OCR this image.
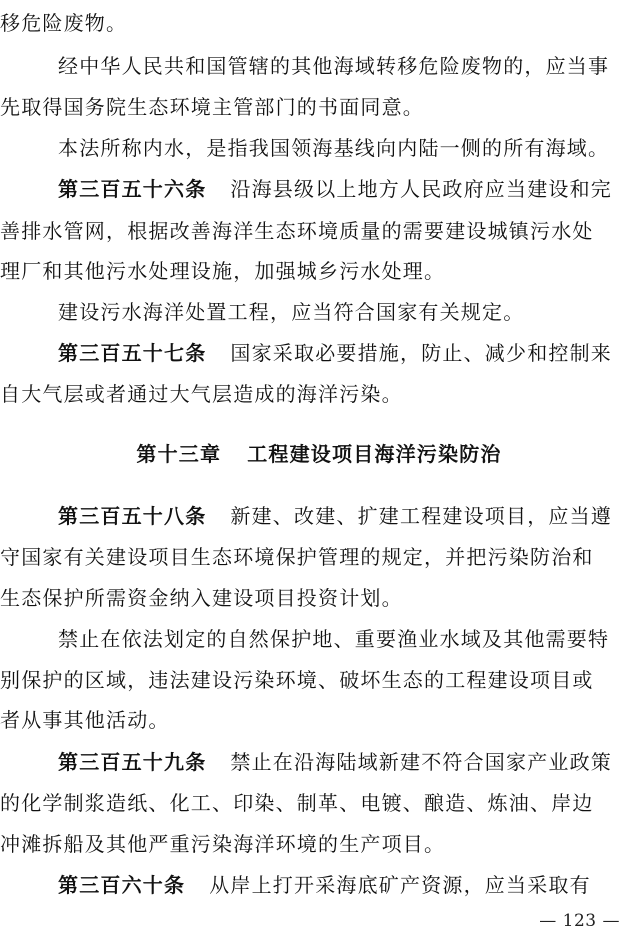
移危险废物。
经中华人民共和国管辖的其他海域转移危险废物的，应当事
先取得国务院生态环境主管部门的书面同意。
本法所称内水，是指我国领海基线向内陆一侧的所有海域。
第三百五十六条 沿海县级以上地方人民政府应当建设和完
善排水管网，根据改善海洋生态环境质量的需要建设城镇污水处
理厂和其他污水处理设施，加强城乡污水处理。
建设污水海洋处置工程，应当符合国家有关规定。
第三百五十七条 国家采取必要措施，防止、减少和控制来
自大气层或者通过大气层造成的海洋污染。
第十三章 工程建设项目海洋污染防治
第三百五十八条 新建、改建、扩建工程建设项目，应当遵
守国家有关建设项目生态环境保护管理的规定，并把污染防治和
生态保护所需资金纳入建设项目投资计划。
禁止在依法划定的自然保护地、重要渔业水域及其他需要特
别保护的区域，违法建设污染环境、破坏生态的工程建设项目或
者从事其他活动。
第三百五十九条 禁止在沿海陆域新建不符合国家产业政策
的化学制浆造纸、化工、印染、制革、电镀、酿造、炼油、岸边
冲滩拆船及其他严重污染海洋环境的生产项目。
第三百六十条 从岸上打开采海底矿产资源，应当采取有
— 123 —
